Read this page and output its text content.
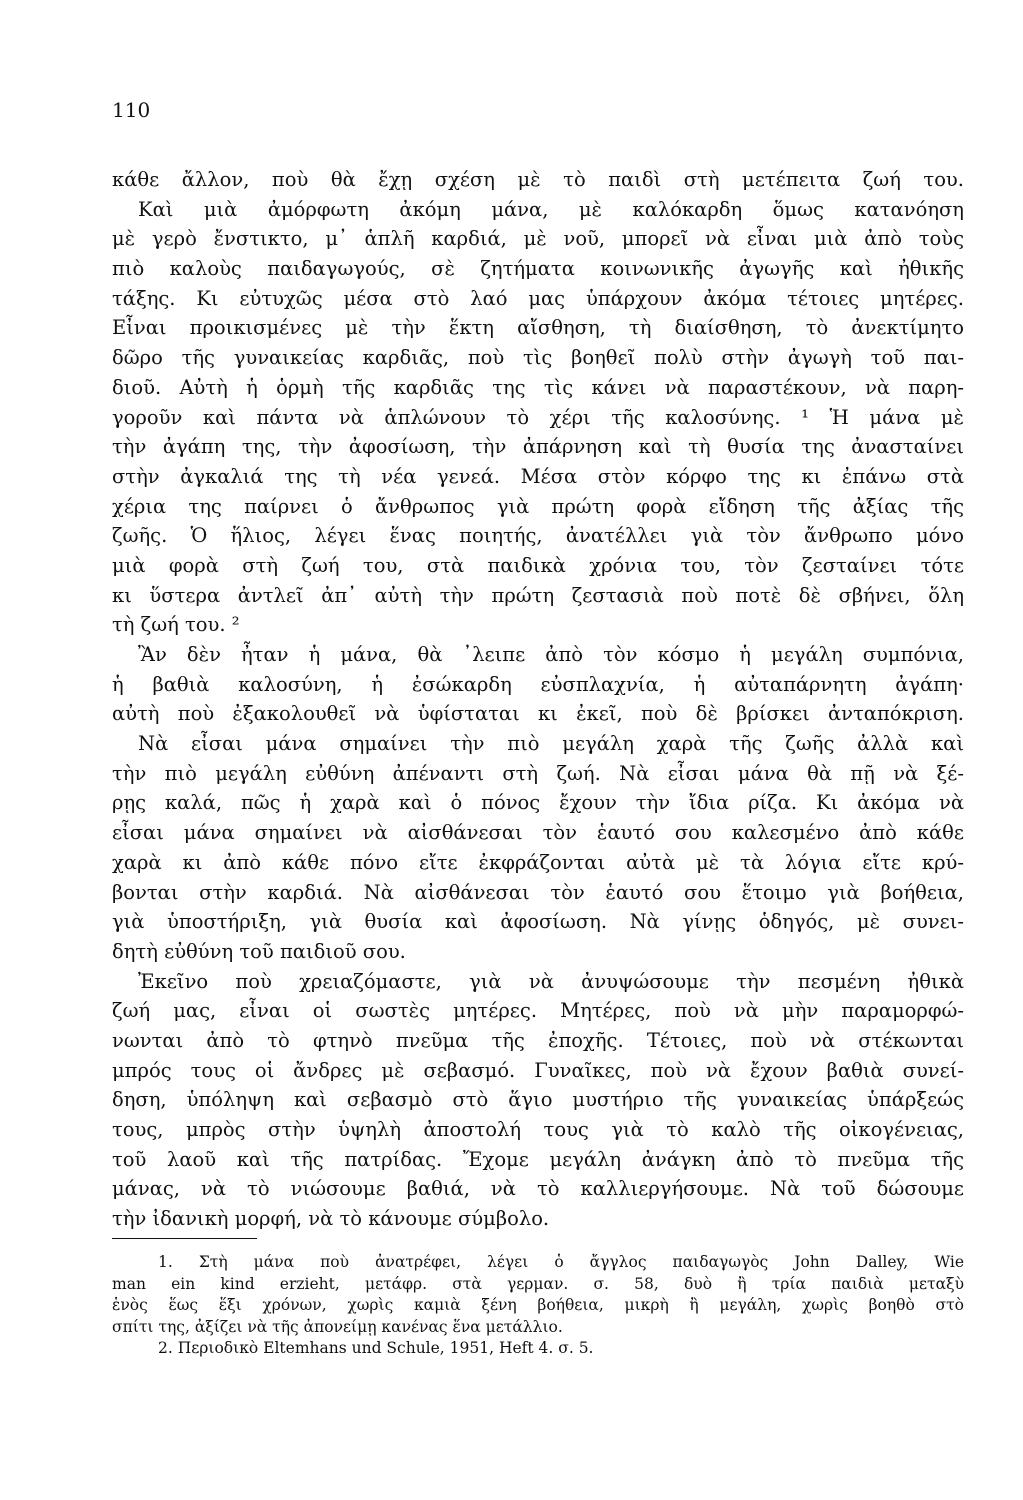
110
κάθε ἄλλον, ποὺ θὰ ἔχῃ σχέση μὲ τὸ παιδὶ στὴ μετέπειτα ζωή του.
Καὶ μιὰ ἀμόρφωτη ἀκόμη μάνα, μὲ καλόκαρδη ὅμως κατανόηση
μὲ γερὸ ἔνστικτο, μ᾽ ἁπλῆ καρδιά, μὲ νοῦ, μπορεῖ νὰ εἶναι μιὰ ἀπὸ τοὺς
πιὸ καλοὺς παιδαγωγούς, σὲ ζητήματα κοινωνικῆς ἀγωγῆς καὶ ἠθικῆς
τάξης. Κι εὐτυχῶς μέσα στὸ λαό μας ὑπάρχουν ἀκόμα τέτοιες μητέρες.
Εἶναι προικισμένες μὲ τὴν ἕκτη αἴσθηση, τὴ διαίσθηση, τὸ ἀνεκτίμητο
δῶρο τῆς γυναικείας καρδιᾶς, ποὺ τὶς βοηθεῖ πολὺ στὴν ἀγωγὴ τοῦ παι-
διοῦ. Αὐτὴ ἡ ὁρμὴ τῆς καρδιᾶς της τὶς κάνει νὰ παραστέκουν, νὰ παρη-
γοροῦν καὶ πάντα νὰ ἁπλώνουν τὸ χέρι τῆς καλοσύνης. ¹ Ἡ μάνα μὲ
τὴν ἀγάπη της, τὴν ἀφοσίωση, τὴν ἀπάρνηση καὶ τὴ θυσία της ἀνασταίνει
στὴν ἀγκαλιά της τὴ νέα γενεά. Μέσα στὸν κόρφο της κι ἐπάνω στὰ
χέρια της παίρνει ὁ ἄνθρωπος γιὰ πρώτη φορὰ εἴδηση τῆς ἀξίας τῆς
ζωῆς. Ὁ ἥλιος, λέγει ἕνας ποιητής, ἀνατέλλει γιὰ τὸν ἄνθρωπο μόνο
μιὰ φορὰ στὴ ζωή του, στὰ παιδικὰ χρόνια του, τὸν ζεσταίνει τότε
κι ὕστερα ἀντλεῖ ἀπ᾽ αὐτὴ τὴν πρώτη ζεστασιὰ ποὺ ποτὲ δὲ σβήνει, ὅλη
τὴ ζωή του. ²
Ἂν δὲν ἦταν ἡ μάνα, θὰ ᾽λειπε ἀπὸ τὸν κόσμο ἡ μεγάλη συμπόνια,
ἡ βαθιὰ καλοσύνη, ἡ ἐσώκαρδη εὐσπλαχνία, ἡ αὐταπάρνητη ἀγάπη·
αὐτὴ ποὺ ἐξακολουθεῖ νὰ ὑφίσταται κι ἐκεῖ, ποὺ δὲ βρίσκει ἀνταπόκριση.
Νὰ εἶσαι μάνα σημαίνει τὴν πιὸ μεγάλη χαρὰ τῆς ζωῆς ἀλλὰ καὶ
τὴν πιὸ μεγάλη εὐθύνη ἀπέναντι στὴ ζωή. Νὰ εἶσαι μάνα θὰ πῇ νὰ ξέ-
ρῃς καλά, πῶς ἡ χαρὰ καὶ ὁ πόνος ἔχουν τὴν ἴδια ρίζα. Κι ἀκόμα νὰ
εἶσαι μάνα σημαίνει νὰ αἰσθάνεσαι τὸν ἑαυτό σου καλεσμένο ἀπὸ κάθε
χαρὰ κι ἀπὸ κάθε πόνο εἴτε ἐκφράζονται αὐτὰ μὲ τὰ λόγια εἴτε κρύ-
βονται στὴν καρδιά. Νὰ αἰσθάνεσαι τὸν ἑαυτό σου ἕτοιμο γιὰ βοήθεια,
γιὰ ὑποστήριξη, γιὰ θυσία καὶ ἀφοσίωση. Νὰ γίνῃς ὁδηγός, μὲ συνει-
δητὴ εὐθύνη τοῦ παιδιοῦ σου.
Ἐκεῖνο ποὺ χρειαζόμαστε, γιὰ νὰ ἀνυψώσουμε τὴν πεσμένη ἠθικὰ
ζωή μας, εἶναι οἱ σωστὲς μητέρες. Μητέρες, ποὺ νὰ μὴν παραμορφώ-
νωνται ἀπὸ τὸ φτηνὸ πνεῦμα τῆς ἐποχῆς. Τέτοιες, ποὺ νὰ στέκωνται
μπρός τους οἱ ἄνδρες μὲ σεβασμό. Γυναῖκες, ποὺ νὰ ἔχουν βαθιὰ συνεί-
δηση, ὑπόληψη καὶ σεβασμὸ στὸ ἅγιο μυστήριο τῆς γυναικείας ὑπάρξεώς
τους, μπρὸς στὴν ὑψηλὴ ἀποστολή τους γιὰ τὸ καλὸ τῆς οἰκογένειας,
τοῦ λαοῦ καὶ τῆς πατρίδας. Ἔχομε μεγάλη ἀνάγκη ἀπὸ τὸ πνεῦμα τῆς
μάνας, νὰ τὸ νιώσουμε βαθιά, νὰ τὸ καλλιεργήσουμε. Νὰ τοῦ δώσουμε
τὴν ἰδανικὴ μορφή, νὰ τὸ κάνουμε σύμβολο.
1. Στὴ μάνα ποὺ ἀνατρέφει, λέγει ὁ ἄγγλος παιδαγωγὸς John Dalley, Wie
man ein kind erzieht, μετάφρ. στὰ γερμαν. σ. 58, δυὸ ἢ τρία παιδιὰ μεταξὺ
ἑνὸς ἕως ἕξι χρόνων, χωρὶς καμιὰ ξένη βοήθεια, μικρὴ ἢ μεγάλη, χωρὶς βοηθὸ στὸ
σπίτι της, ἀξίζει νὰ τῆς ἀπονείμῃ κανένας ἕνα μετάλλιο.
2. Περιοδικὸ Eltemhans und Schule, 1951, Heft 4. σ. 5.
